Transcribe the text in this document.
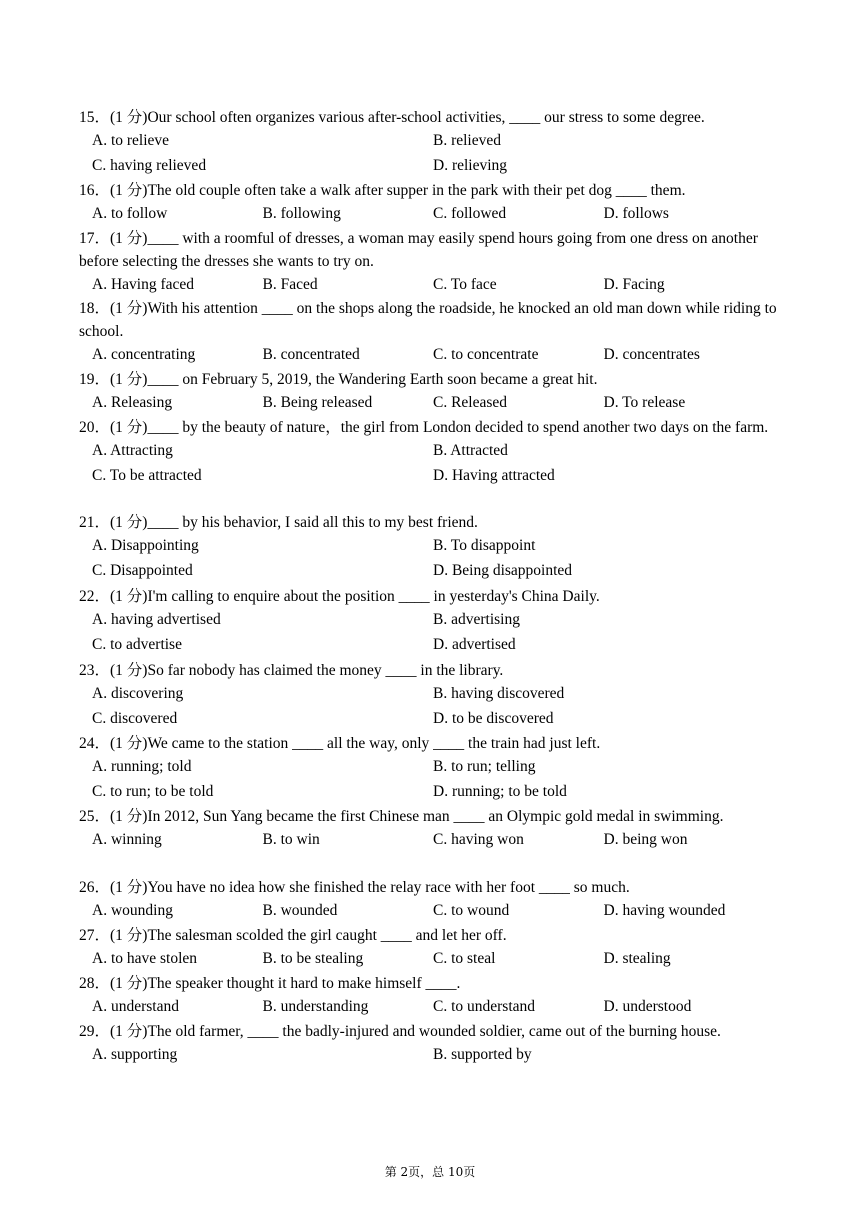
15．(1 分)Our school often organizes various after-school activities, ____ our stress to some degree.
A. to relieve	B. relieved
C. having relieved	D. relieving
16．(1 分)The old couple often take a walk after supper in the park with their pet dog ____ them.
A. to follow	B. following	C. followed	D. follows
17．(1 分)____ with a roomful of dresses, a woman may easily spend hours going from one dress on another before selecting the dresses she wants to try on.
A. Having faced	B. Faced	C. To face	D. Facing
18．(1 分)With his attention ____ on the shops along the roadside, he knocked an old man down while riding to school.
A. concentrating	B. concentrated	C. to concentrate	D. concentrates
19．(1 分)____ on February 5, 2019, the Wandering Earth soon became a great hit.
A. Releasing	B. Being released	C. Released	D. To release
20．(1 分)____ by the beauty of nature，the girl from London decided to spend another two days on the farm.
A. Attracting	B. Attracted
C. To be attracted	D. Having attracted
21．(1 分)____ by his behavior, I said all this to my best friend.
A. Disappointing	B. To disappoint
C. Disappointed	D. Being disappointed
22．(1 分)I'm calling to enquire about the position ____ in yesterday's China Daily.
A. having advertised	B. advertising
C. to advertise	D. advertised
23．(1 分)So far nobody has claimed the money ____ in the library.
A. discovering	B. having discovered
C. discovered	D. to be discovered
24．(1 分)We came to the station ____ all the way, only ____ the train had just left.
A. running; told	B. to run; telling
C. to run; to be told	D. running; to be told
25．(1 分)In 2012, Sun Yang became the first Chinese man ____ an Olympic gold medal in swimming.
A. winning	B. to win	C. having won	D. being won
26．(1 分)You have no idea how she finished the relay race with her foot ____ so much.
A. wounding	B. wounded	C. to wound	D. having wounded
27．(1 分)The salesman scolded the girl caught ____ and let her off.
A. to have stolen	B. to be stealing	C. to steal	D. stealing
28．(1 分)The speaker thought it hard to make himself ____.
A. understand	B. understanding	C. to understand	D. understood
29．(1 分)The old farmer, ____ the badly-injured and wounded soldier, came out of the burning house.
A. supporting	B. supported by
第 2页，总 10页
